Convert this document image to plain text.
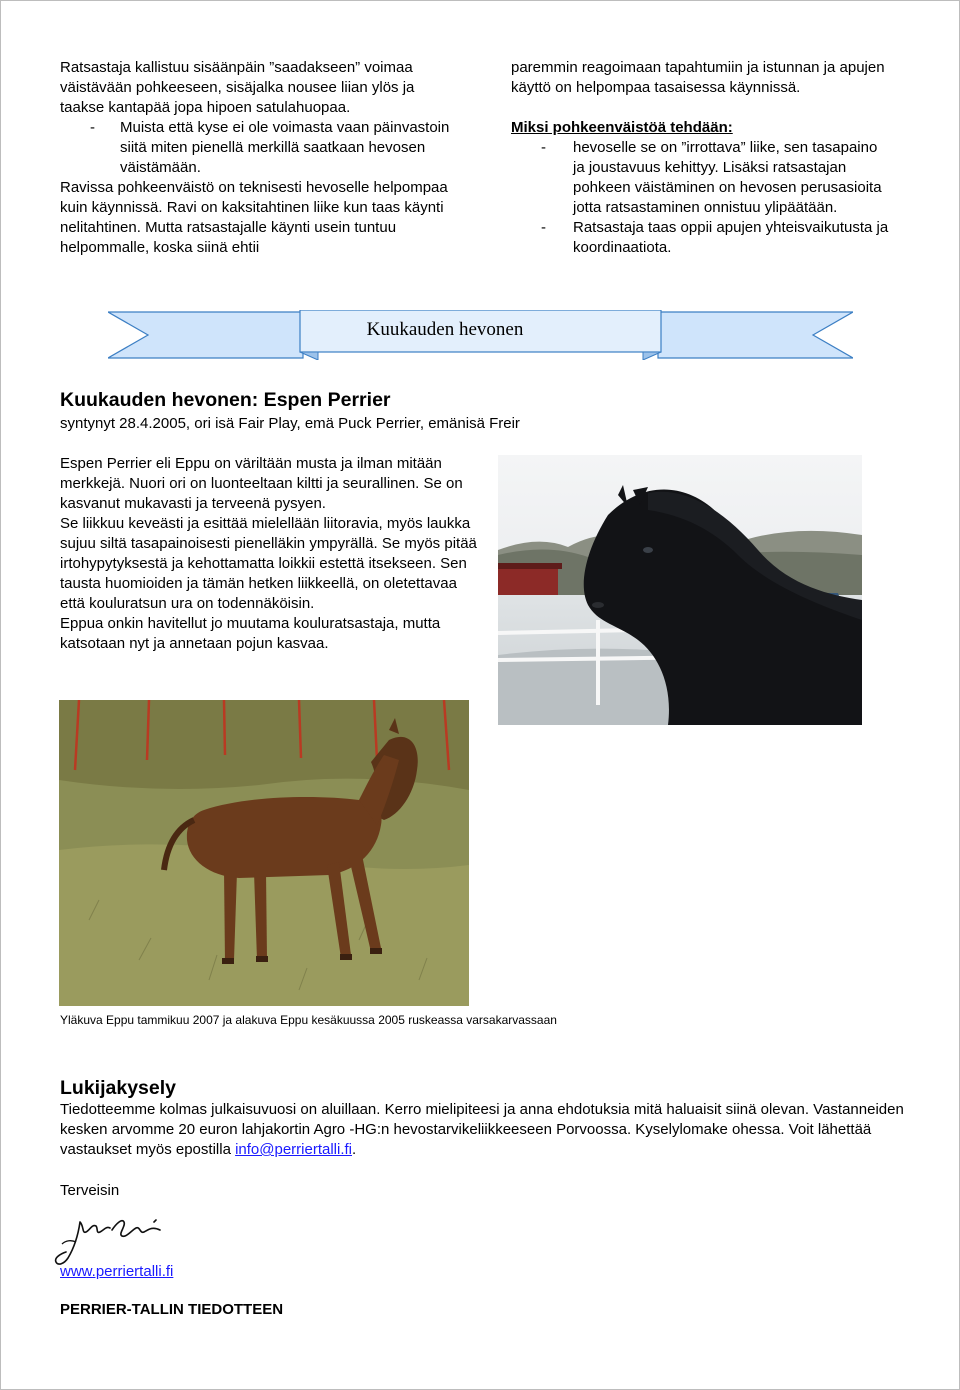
Ratsastaja kallistuu sisäänpäin ”saadakseen” voimaa väistävään pohkeeseen, sisäjalka nousee liian ylös ja taakse kantapää jopa hipoen satulahuopaa.

-	Muista että kyse ei ole voimasta vaan päinvastoin siitä miten pienellä merkillä saatkaan hevosen väistämään.

Ravissa pohkeenväistö on teknisesti hevoselle helpompaa kuin käynnissä. Ravi on kaksitahtinen liike kun taas käynti nelitahtinen. Mutta ratsastajalle käynti usein tuntuu helpommalle, koska siinä ehtii

paremmin reagoimaan tapahtumiin ja istunnan ja apujen käyttö on helpompaa tasaisessa käynnissä.

Miksi pohkeenväistöä tehdään:

-	hevoselle se on ”irrottava” liike, sen tasapaino ja joustavuus kehittyy. Lisäksi ratsastajan pohkeen väistäminen on hevosen perusasioita jotta ratsastaminen onnistuu ylipäätään.
-	Ratsastaja taas oppii apujen yhteisvaikutusta ja koordinaatiota.
Kuukauden hevonen
Kuukauden hevonen: Espen Perrier
syntynyt 28.4.2005, ori isä Fair Play, emä Puck Perrier, emänisä Freir

Espen Perrier eli Eppu on väriltään musta ja ilman mitään merkkejä. Nuori ori on luonteeltaan kiltti ja seurallinen. Se on kasvanut mukavasti ja terveenä pysyen.

Se liikkuu keveästi ja esittää mielellään liitoravia, myös laukka sujuu siltä tasapainoisesti pienelläkin ympyrällä. Se myös pitää irtohypytyksestä ja kehottamatta loikkii estettä itsekseen. Sen tausta huomioiden ja tämän hetken liikkeellä, on oletettavaa että kouluratsun ura on todennäköisin.

Eppua onkin havitellut jo muutama kouluratsastaja, mutta katsotaan nyt ja annetaan pojun kasvaa.

Yläkuva Eppu tammikuu 2007 ja alakuva Eppu kesäkuussa 2005 ruskeassa varsakarvassaan
Lukijakysely

Tiedotteemme kolmas julkaisuvuosi on aluillaan. Kerro mielipiteesi ja anna ehdotuksia mitä haluaisit siinä olevan. Vastanneiden kesken arvomme 20 euron lahjakortin Agro -HG:n hevostarvikeliikkeeseen Porvoossa. Kyselylomake ohessa. Voit lähettää vastaukset myös epostilla info@perriertalli.fi.

Terveisin
www.perriertalli.fi
PERRIER-TALLIN TIEDOTTEEN
